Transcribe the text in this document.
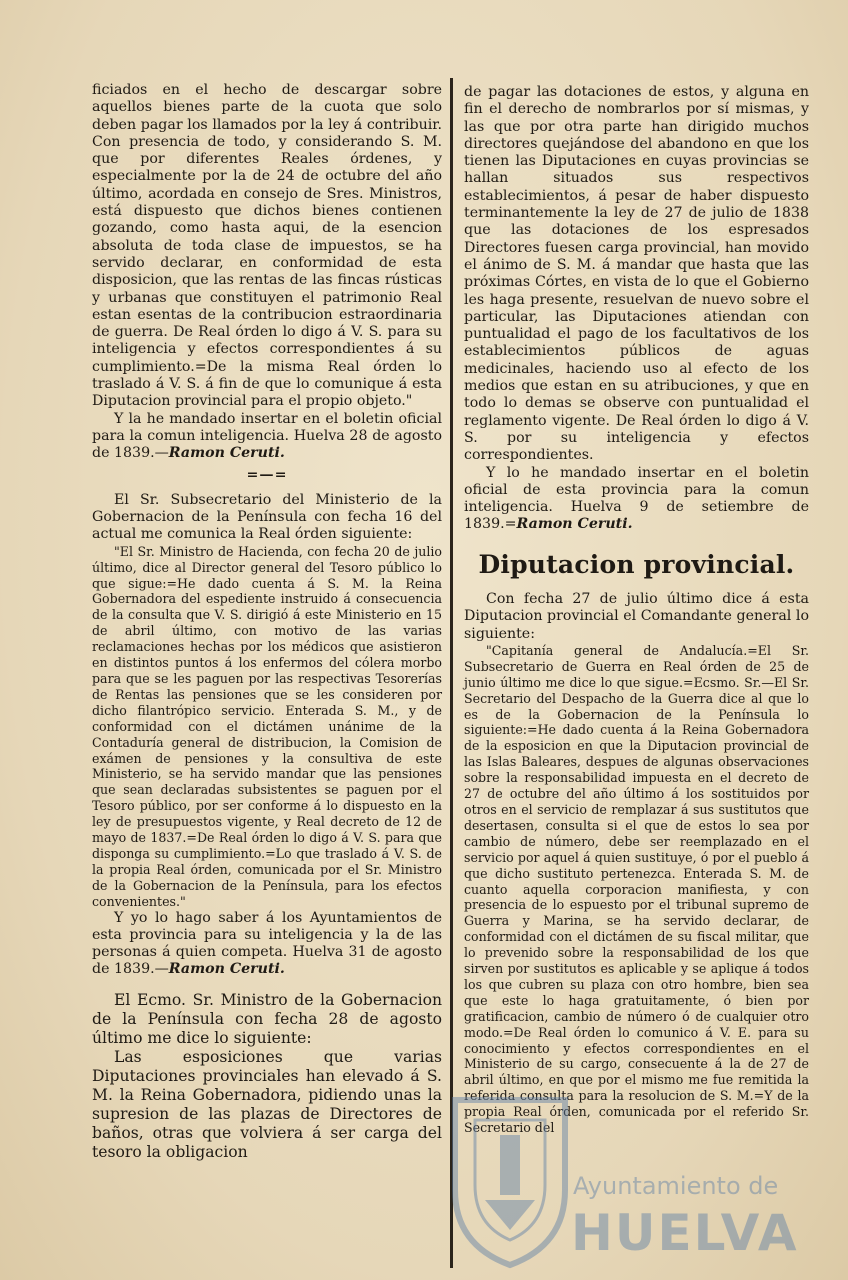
ficiados en el hecho de descargar sobre aquellos bienes parte de la cuota que solo deben pagar los llamados por la ley á contribuir. Con presencia de todo, y considerando S. M. que por diferentes Reales órdenes, y especialmente por la de 24 de octubre del año último, acordada en consejo de Sres. Ministros, está dispuesto que dichos bienes contienen gozando, como hasta aqui, de la esencion absoluta de toda clase de impuestos, se ha servido declarar, en conformidad de esta disposicion, que las rentas de las fincas rústicas y urbanas que constituyen el patrimonio Real estan esentas de la contribucion estraordinaria de guerra. De Real órden lo digo á V. S. para su inteligencia y efectos correspondientes á su cumplimiento.=De la misma Real órden lo traslado á V. S. á fin de que lo comunique á esta Diputacion provincial para el propio objeto."

Y la he mandado insertar en el boletin oficial para la comun inteligencia. Huelva 28 de agosto de 1839.—Ramon Ceruti.

=—=

El Sr. Subsecretario del Ministerio de la Gobernacion de la Península con fecha 16 del actual me comunica la Real órden siguiente:

"El Sr. Ministro de Hacienda, con fecha 20 de julio último, dice al Director general del Tesoro público lo que sigue:=He dado cuenta á S. M. la Reina Gobernadora del espediente instruido á consecuencia de la consulta que V. S. dirigió á este Ministerio en 15 de abril último, con motivo de las varias reclamaciones hechas por los médicos que asistieron en distintos puntos á los enfermos del cólera morbo para que se les paguen por las respectivas Tesorerías de Rentas las pensiones que se les consideren por dicho filantrópico servicio. Enterada S. M., y de conformidad con el dictámen unánime de la Contaduría general de distribucion, la Comision de exámen de pensiones y la consultiva de este Ministerio, se ha servido mandar que las pensiones que sean declaradas subsistentes se paguen por el Tesoro público, por ser conforme á lo dispuesto en la ley de presupuestos vigente, y Real decreto de 12 de mayo de 1837.=De Real órden lo digo á V. S. para que disponga su cumplimiento.=Lo que traslado á V. S. de la propia Real órden, comunicada por el Sr. Ministro de la Gobernacion de la Península, para los efectos convenientes."

Y yo lo hago saber á los Ayuntamientos de esta provincia para su inteligencia y la de las personas á quien competa. Huelva 31 de agosto de 1839.—Ramon Ceruti.

El Ecmo. Sr. Ministro de la Gobernacion de la Península con fecha 28 de agosto último me dice lo siguiente:

Las esposiciones que varias Diputaciones provinciales han elevado á S. M. la Reina Gobernadora, pidiendo unas la supresion de las plazas de Directores de baños, otras que volviera á ser carga del tesoro la obligacion

de pagar las dotaciones de estos, y alguna en fin el derecho de nombrarlos por sí mismas, y las que por otra parte han dirigido muchos directores quejándose del abandono en que los tienen las Diputaciones en cuyas provincias se hallan situados sus respectivos establecimientos, á pesar de haber dispuesto terminantemente la ley de 27 de julio de 1838 que las dotaciones de los espresados Directores fuesen carga provincial, han movido el ánimo de S. M. á mandar que hasta que las próximas Córtes, en vista de lo que el Gobierno les haga presente, resuelvan de nuevo sobre el particular, las Diputaciones atiendan con puntualidad el pago de los facultativos de los establecimientos públicos de aguas medicinales, haciendo uso al efecto de los medios que estan en su atribuciones, y que en todo lo demas se observe con puntualidad el reglamento vigente. De Real órden lo digo á V. S. por su inteligencia y efectos correspondientes.

Y lo he mandado insertar en el boletin oficial de esta provincia para la comun inteligencia. Huelva 9 de setiembre de 1839.=Ramon Ceruti.

Diputacion provincial.

Con fecha 27 de julio último dice á esta Diputacion provincial el Comandante general lo siguiente:

"Capitanía general de Andalucía.=El Sr. Subsecretario de Guerra en Real órden de 25 de junio último me dice lo que sigue.=Ecsmo. Sr.—El Sr. Secretario del Despacho de la Guerra dice al que lo es de la Gobernacion de la Península lo siguiente:=He dado cuenta á la Reina Gobernadora de la esposicion en que la Diputacion provincial de las Islas Baleares, despues de algunas observaciones sobre la responsabilidad impuesta en el decreto de 27 de octubre del año último á los sostituidos por otros en el servicio de remplazar á sus sustitutos que desertasen, consulta si el que de estos lo sea por cambio de número, debe ser reemplazado en el servicio por aquel á quien sustituye, ó por el pueblo á que dicho sustituto pertenezca. Enterada S. M. de cuanto aquella corporacion manifiesta, y con presencia de lo espuesto por el tribunal supremo de Guerra y Marina, se ha servido declarar, de conformidad con el dictámen de su fiscal militar, que lo prevenido sobre la responsabilidad de los que sirven por sustitutos es aplicable y se aplique á todos los que cubren su plaza con otro hombre, bien sea que este lo haga gratuitamente, ó bien por gratificacion, cambio de número ó de cualquier otro modo.=De Real órden lo comunico á V. E. para su conocimiento y efectos correspondientes en el Ministerio de su cargo, consecuente á la de 27 de abril último, en que por el mismo me fue remitida la referida consulta para la resolucion de S. M.=Y de la propia Real órden, comunicada por el referido Sr. Secretario del

Ayuntamiento de
HUELVA
